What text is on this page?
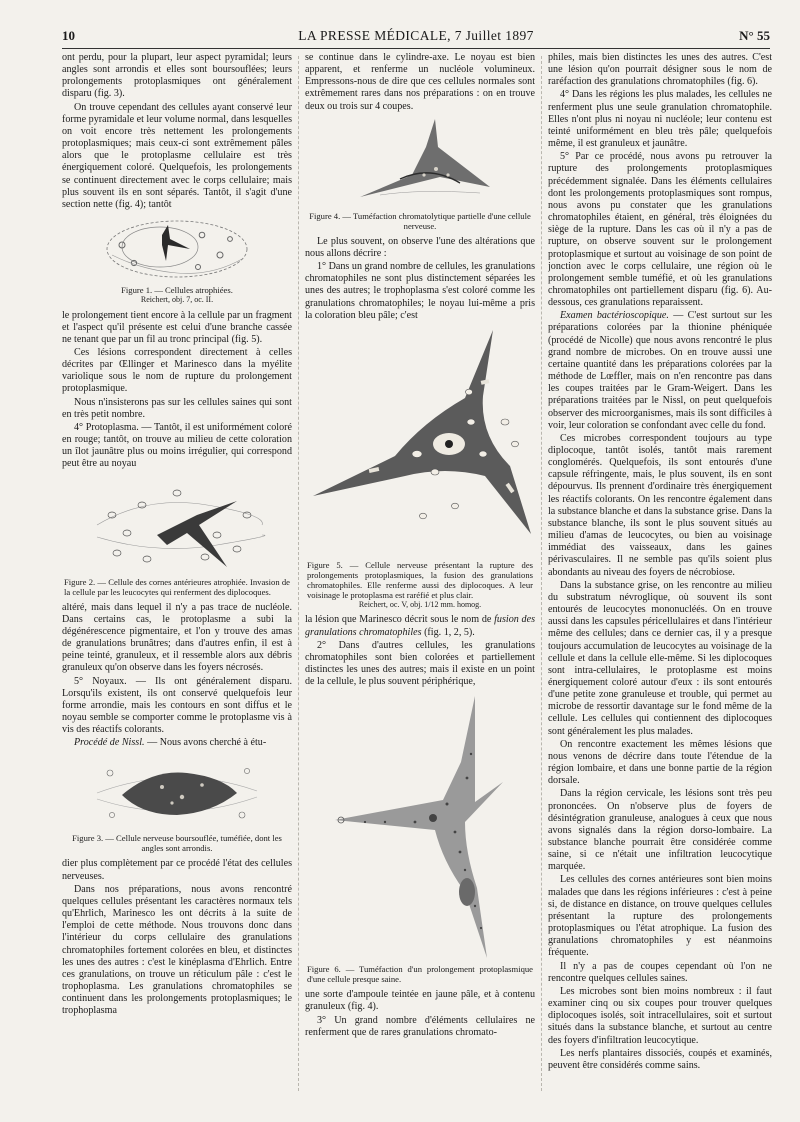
10	LA PRESSE MÉDICALE, 7 Juillet 1897	N° 55

ont perdu, pour la plupart, leur aspect pyramidal; leurs angles sont arrondis et elles sont boursouflées; leurs prolongements protoplasmiques ont généralement disparu (fig. 3).

On trouve cependant des cellules ayant conservé leur forme pyramidale et leur volume normal, dans lesquelles on voit encore très nettement les prolongements protoplasmiques; mais ceux-ci sont extrêmement pâles alors que le protoplasme cellulaire est très énergiquement coloré. Quelquefois, les prolongements se continuent directement avec le corps cellulaire; mais plus souvent ils en sont séparés. Tantôt, il s'agit d'une section nette (fig. 4); tantôt

Figure 1. — Cellules atrophiées.
Reichert, obj. 7, oc. II.

le prolongement tient encore à la cellule par un fragment et l'aspect qu'il présente est celui d'une branche cassée ne tenant que par un fil au tronc principal (fig. 5).

Ces lésions correspondent directement à celles décrites par Œllinger et Marinesco dans la myélite variolique sous le nom de rupture du prolongement protoplasmique.

Nous n'insisterons pas sur les cellules saines qui sont en très petit nombre.

4° Protoplasma. — Tantôt, il est uniformément coloré en rouge; tantôt, on trouve au milieu de cette coloration un îlot jaunâtre plus ou moins irrégulier, qui correspond peut être au noyau

Figure 2. — Cellule des cornes antérieures atrophiée. Invasion de la cellule par les leucocytes qui renferment des diplocoques.

altéré, mais dans lequel il n'y a pas trace de nucléole. Dans certains cas, le protoplasme a subi la dégénérescence pigmentaire, et l'on y trouve des amas de granulations brunâtres; dans d'autres enfin, il est à peine teinté, granuleux, et il ressemble alors aux débris granuleux qu'on observe dans les foyers nécrosés.

5° Noyaux. — Ils ont généralement disparu. Lorsqu'ils existent, ils ont conservé quelquefois leur forme arrondie, mais les contours en sont diffus et le noyau semble se comporter comme le protoplasme vis à vis des réactifs colorants.

Procédé de Nissl. — Nous avons cherché à étu-

Figure 3. — Cellule nerveuse boursouflée, tuméfiée, dont les angles sont arrondis.

dier plus complètement par ce procédé l'état des cellules nerveuses.

Dans nos préparations, nous avons rencontré quelques cellules présentant les caractères normaux tels qu'Ehrlich, Marinesco les ont décrits à la suite de l'emploi de cette méthode. Nous trouvons donc dans l'intérieur du corps cellulaire des granulations chromatophiles fortement colorées en bleu, et distinctes les unes des autres : c'est le kinéplasma d'Ehrlich. Entre ces granulations, on trouve un réticulum pâle : c'est le trophoplasma. Les granulations chromatophiles se continuent dans les prolongements protoplasmiques; le trophoplasma

se continue dans le cylindre-axe. Le noyau est bien apparent, et renferme un nucléole volumineux. Empressons-nous de dire que ces cellules normales sont extrêmement rares dans nos préparations : on en trouve deux ou trois sur 4 coupes.

Figure 4. — Tuméfaction chromatolytique partielle d'une cellule nerveuse.

Le plus souvent, on observe l'une des altérations que nous allons décrire :

1° Dans un grand nombre de cellules, les granulations chromatophiles ne sont plus distinctement séparées les unes des autres; le trophoplasma s'est coloré comme les granulations chromatophiles; le noyau lui-même a pris la coloration bleu pâle; c'est

Figure 5. — Cellule nerveuse présentant la rupture des prolongements protoplasmiques, la fusion des granulations chromatophiles. Elle renferme aussi des diplocoques. A leur voisinage le protoplasma est raréfié et plus clair.
Reichert, oc. V, obj. 1/12 mm. homog.

la lésion que Marinesco décrit sous le nom de fusion des granulations chromatophiles (fig. 1, 2, 5).

2° Dans d'autres cellules, les granulations chromatophiles sont bien colorées et partiellement distinctes les unes des autres; mais il existe en un point de la cellule, le plus souvent périphérique,

Figure 6. — Tuméfaction d'un prolongement protoplasmique d'une cellule presque saine.

une sorte d'ampoule teintée en jaune pâle, et à contenu granuleux (fig. 4).

3° Un grand nombre d'éléments cellulaires ne renferment que de rares granulations chromato-

philes, mais bien distinctes les unes des autres. C'est une lésion qu'on pourrait désigner sous le nom de raréfaction des granulations chromatophiles (fig. 6).

4° Dans les régions les plus malades, les cellules ne renferment plus une seule granulation chromatophile. Elles n'ont plus ni noyau ni nucléole; leur contenu est teinté uniformément en bleu très pâle; quelquefois même, il est granuleux et jaunâtre.

5° Par ce procédé, nous avons pu retrouver la rupture des prolongements protoplasmiques précédemment signalée. Dans les éléments cellulaires dont les prolongements protoplasmiques sont rompus, nous avons pu constater que les granulations chromatophiles étaient, en général, très éloignées du siège de la rupture. Dans les cas où il n'y a pas de rupture, on observe souvent sur le prolongement protoplasmique et surtout au voisinage de son point de jonction avec le corps cellulaire, une région où le prolongement semble tuméfié, et où les granulations chromatophiles ont partiellement disparu (fig. 6). Au-dessous, ces granulations reparaissent.

Examen bactérioscopique. — C'est surtout sur les préparations colorées par la thionine phéniquée (procédé de Nicolle) que nous avons rencontré le plus grand nombre de microbes. On en trouve aussi une certaine quantité dans les préparations colorées par la méthode de Lœffler, mais on n'en rencontre pas dans les coupes traitées par le Gram-Weigert. Dans les préparations traitées par le Nissl, on peut quelquefois observer des microorganismes, mais ils sont difficiles à voir, leur coloration se confondant avec celle du fond.

Ces microbes correspondent toujours au type diplocoque, tantôt isolés, tantôt mais rarement conglomérés. Quelquefois, ils sont entourés d'une capsule réfringente, mais, le plus souvent, ils en sont dépourvus. Ils prennent d'ordinaire très énergiquement les réactifs colorants. On les rencontre également dans la substance blanche et dans la substance grise. Dans la substance blanche, ils sont le plus souvent situés au milieu d'amas de leucocytes, ou bien au voisinage immédiat des vaisseaux, dans les gaines périvasculaires. Il ne semble pas qu'ils soient plus abondants au niveau des foyers de nécrobiose.

Dans la substance grise, on les rencontre au milieu du substratum névroglique, où souvent ils sont entourés de leucocytes mononucléés. On en trouve aussi dans les capsules péricellulaires et dans l'intérieur même des cellules; dans ce dernier cas, il y a presque toujours accumulation de leucocytes au voisinage de la cellule et dans la cellule elle-même. Si les diplocoques sont intra-cellulaires, le protoplasme est moins énergiquement coloré autour d'eux : ils sont entourés d'une petite zone granuleuse et trouble, qui permet au microbe de ressortir davantage sur le fond même de la cellule. Les cellules qui contiennent des diplocoques sont généralement les plus malades.

On rencontre exactement les mêmes lésions que nous venons de décrire dans toute l'étendue de la région lombaire, et dans une bonne partie de la région dorsale.

Dans la région cervicale, les lésions sont très peu prononcées. On n'observe plus de foyers de désintégration granuleuse, analogues à ceux que nous avons signalés dans la région dorso-lombaire. La substance blanche pourrait être considérée comme saine, si ce n'était une infiltration leucocytique marquée.

Les cellules des cornes antérieures sont bien moins malades que dans les régions inférieures : c'est à peine si, de distance en distance, on trouve quelques cellules présentant la rupture des prolongements protoplasmiques ou l'état atrophique. La fusion des granulations chromatophiles y est néanmoins fréquente.

Il n'y a pas de coupes cependant où l'on ne rencontre quelques cellules saines.

Les microbes sont bien moins nombreux : il faut examiner cinq ou six coupes pour trouver quelques diplocoques isolés, soit intracellulaires, soit et surtout situés dans la substance blanche, et surtout au centre des foyers d'infiltration leucocytique.

Les nerfs plantaires dissociés, coupés et examinés, peuvent être considérés comme sains.
